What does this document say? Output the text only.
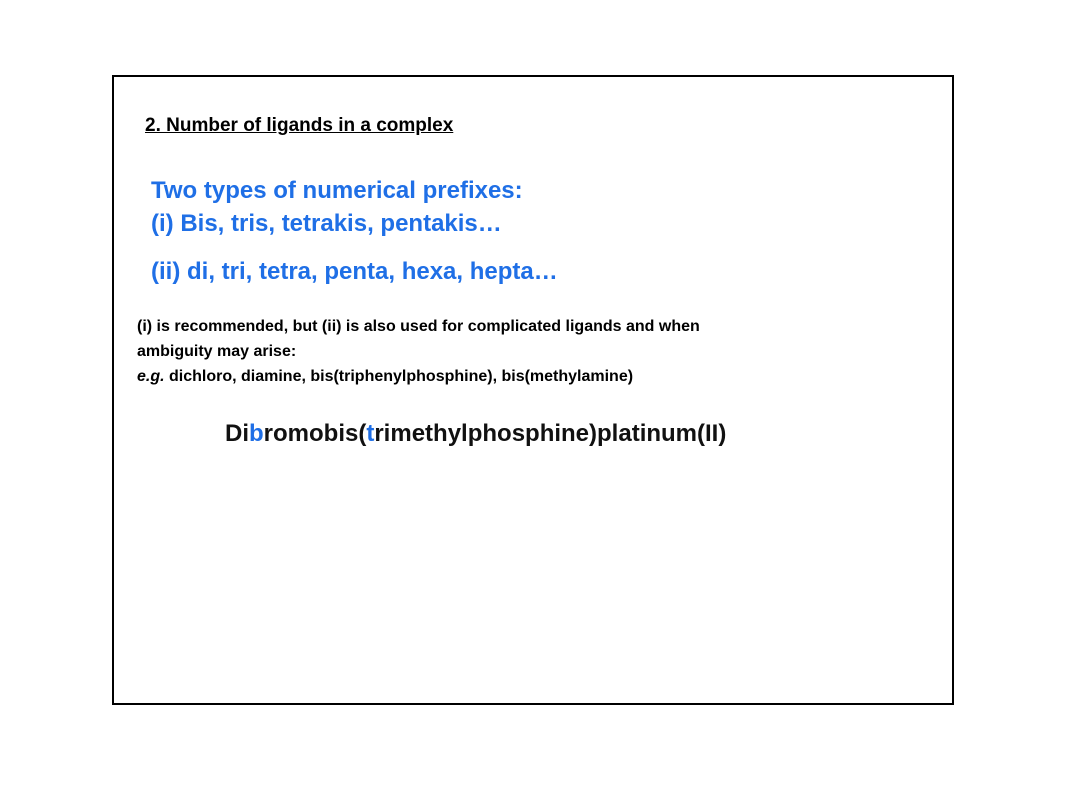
2. Number of ligands in a complex
Two types of numerical prefixes:
(i) Bis, tris, tetrakis, pentakis…
(ii) di, tri, tetra, penta, hexa, hepta…
(i) is recommended, but (ii) is also used for complicated ligands and when
ambiguity may arise:
e.g. dichloro, diamine, bis(triphenylphosphine), bis(methylamine)
Dibromobis(trimethylphosphine)platinum(II)
